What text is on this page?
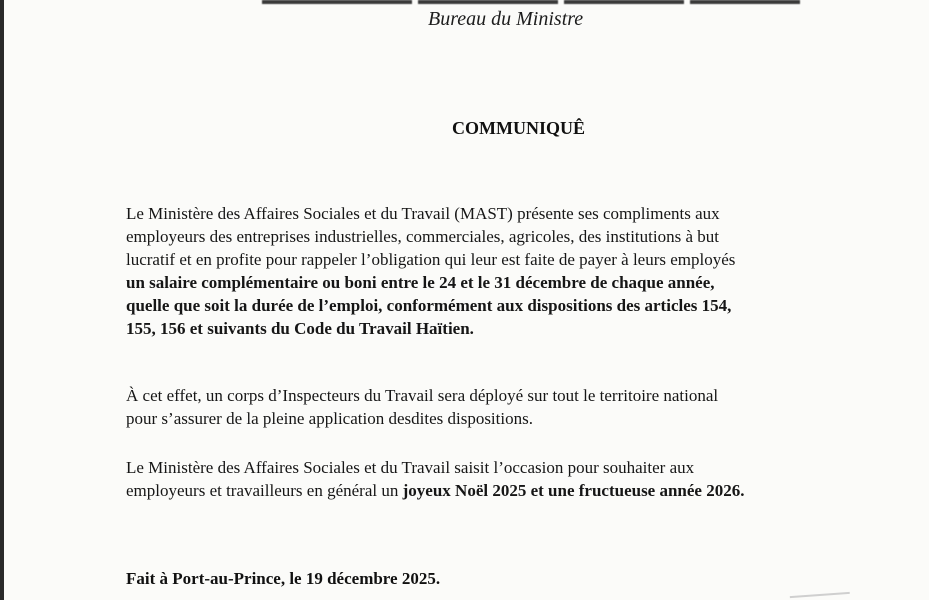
Bureau du Ministre
COMMUNIQUÊ
Le Ministère des Affaires Sociales et du Travail (MAST) présente ses compliments aux
employeurs des entreprises industrielles, commerciales, agricoles, des institutions à but
lucratif et en profite pour rappeler l’obligation qui leur est faite de payer à leurs employés
un salaire complémentaire ou boni entre le 24 et le 31 décembre de chaque année,
quelle que soit la durée de l’emploi, conformément aux dispositions des articles 154,
155, 156 et suivants du Code du Travail Haïtien.
À cet effet, un corps d’Inspecteurs du Travail sera déployé sur tout le territoire national
pour s’assurer de la pleine application desdites dispositions.
Le Ministère des Affaires Sociales et du Travail saisit l’occasion pour souhaiter aux
employeurs et travailleurs en général un joyeux Noël 2025 et une fructueuse année 2026.
Fait à Port-au-Prince, le 19 décembre 2025.
